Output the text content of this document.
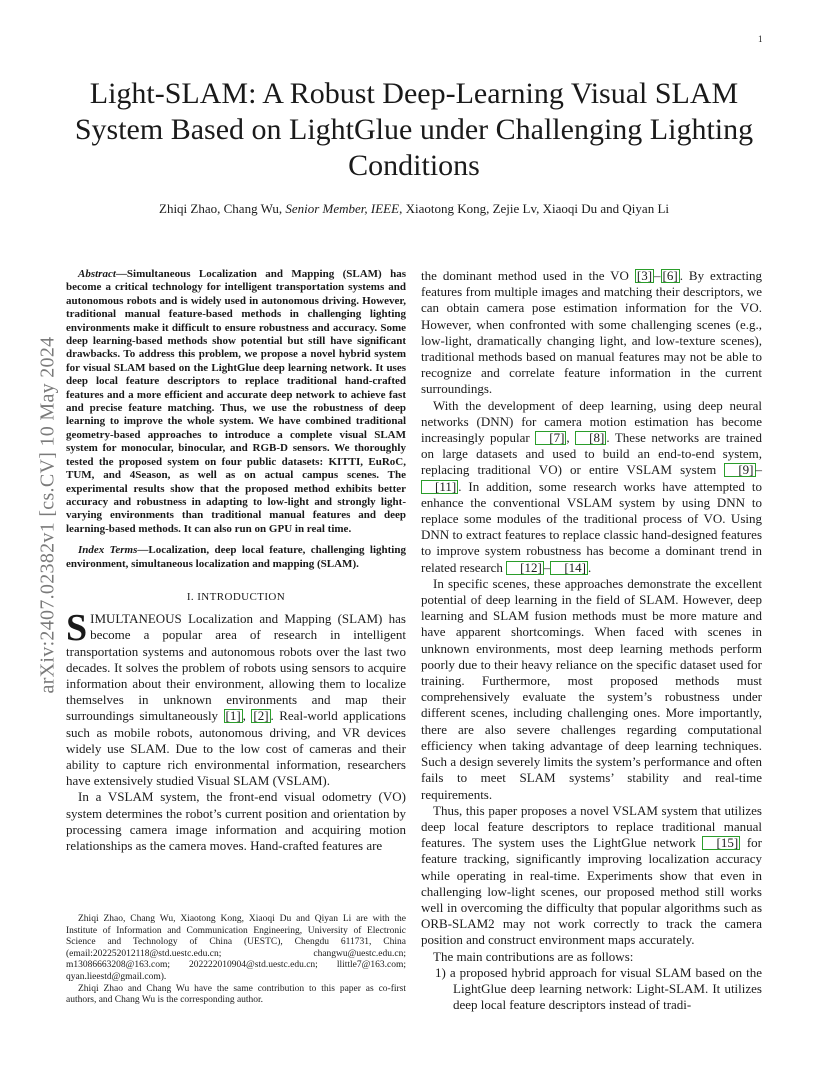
1
arXiv:2407.02382v1 [cs.CV] 10 May 2024
Light-SLAM: A Robust Deep-Learning Visual SLAM System Based on LightGlue under Challenging Lighting Conditions
Zhiqi Zhao, Chang Wu, Senior Member, IEEE, Xiaotong Kong, Zejie Lv, Xiaoqi Du and Qiyan Li

Abstract—Simultaneous Localization and Mapping (SLAM) has become a critical technology for intelligent transportation systems and autonomous robots and is widely used in autonomous driving. However, traditional manual feature-based methods in challenging lighting environments make it difficult to ensure robustness and accuracy. Some deep learning-based methods show potential but still have significant drawbacks. To address this problem, we propose a novel hybrid system for visual SLAM based on the LightGlue deep learning network. It uses deep local feature descriptors to replace traditional hand-crafted features and a more efficient and accurate deep network to achieve fast and precise feature matching. Thus, we use the robustness of deep learning to improve the whole system. We have combined traditional geometry-based approaches to introduce a complete visual SLAM system for monocular, binocular, and RGB-D sensors. We thoroughly tested the proposed system on four public datasets: KITTI, EuRoC, TUM, and 4Season, as well as on actual campus scenes. The experimental results show that the proposed method exhibits better accuracy and robustness in adapting to low-light and strongly light-varying environments than traditional manual features and deep learning-based methods. It can also run on GPU in real time.

Index Terms—Localization, deep local feature, challenging lighting environment, simultaneous localization and mapping (SLAM).

I. INTRODUCTION

SIMULTANEOUS Localization and Mapping (SLAM) has become a popular area of research in intelligent transportation systems and autonomous robots over the last two decades. It solves the problem of robots using sensors to acquire information about their environment, allowing them to localize themselves in unknown environments and map their surroundings simultaneously [1] , [2] . Real-world applications such as mobile robots, autonomous driving, and VR devices widely use SLAM. Due to the low cost of cameras and their ability to capture rich environmental information, researchers have extensively studied Visual SLAM (VSLAM).

In a VSLAM system, the front-end visual odometry (VO) system determines the robot’s current position and orientation by processing camera image information and acquiring motion relationships as the camera moves. Hand-crafted features are

Zhiqi Zhao, Chang Wu, Xiaotong Kong, Xiaoqi Du and Qiyan Li are with the Institute of Information and Communication Engineering, University of Electronic Science and Technology of China (UESTC), Chengdu 611731, China (email:202252012118@std.uestc.edu.cn; changwu@uestc.edu.cn; m13086663208@163.com; 202222010904@std.uestc.edu.cn; llittle7@163.com; qyan.lieestd@gmail.com).

Zhiqi Zhao and Chang Wu have the same contribution to this paper as co-first authors, and Chang Wu is the corresponding author.

the dominant method used in the VO [3] – [6] . By extracting features from multiple images and matching their descriptors, we can obtain camera pose estimation information for the VO. However, when confronted with some challenging scenes (e.g., low-light, dramatically changing light, and low-texture scenes), traditional methods based on manual features may not be able to recognize and correlate feature information in the current surroundings.

With the development of deep learning, using deep neural networks (DNN) for camera motion estimation has become increasingly popular [7] , [8] . These networks are trained on large datasets and used to build an end-to-end system, replacing traditional VO) or entire VSLAM system [9] –[11] . In addition, some research works have attempted to enhance the conventional VSLAM system by using DNN to replace some modules of the traditional process of VO. Using DNN to extract features to replace classic hand-designed features to improve system robustness has become a dominant trend in related research [12] – [14] .

In specific scenes, these approaches demonstrate the excellent potential of deep learning in the field of SLAM. However, deep learning and SLAM fusion methods must be more mature and have apparent shortcomings. When faced with scenes in unknown environments, most deep learning methods perform poorly due to their heavy reliance on the specific dataset used for training. Furthermore, most proposed methods must comprehensively evaluate the system’s robustness under different scenes, including challenging ones. More importantly, there are also severe challenges regarding computational efficiency when taking advantage of deep learning techniques. Such a design severely limits the system’s performance and often fails to meet SLAM systems’ stability and real-time requirements.

Thus, this paper proposes a novel VSLAM system that utilizes deep local feature descriptors to replace traditional manual features. The system uses the LightGlue network [15] for feature tracking, significantly improving localization accuracy while operating in real-time. Experiments show that even in challenging low-light scenes, our proposed method still works well in overcoming the difficulty that popular algorithms such as ORB-SLAM2 may not work correctly to track the camera position and construct environment maps accurately.

The main contributions are as follows:

1) a proposed hybrid approach for visual SLAM based on the LightGlue deep learning network: Light-SLAM. It utilizes deep local feature descriptors instead of tradi-
